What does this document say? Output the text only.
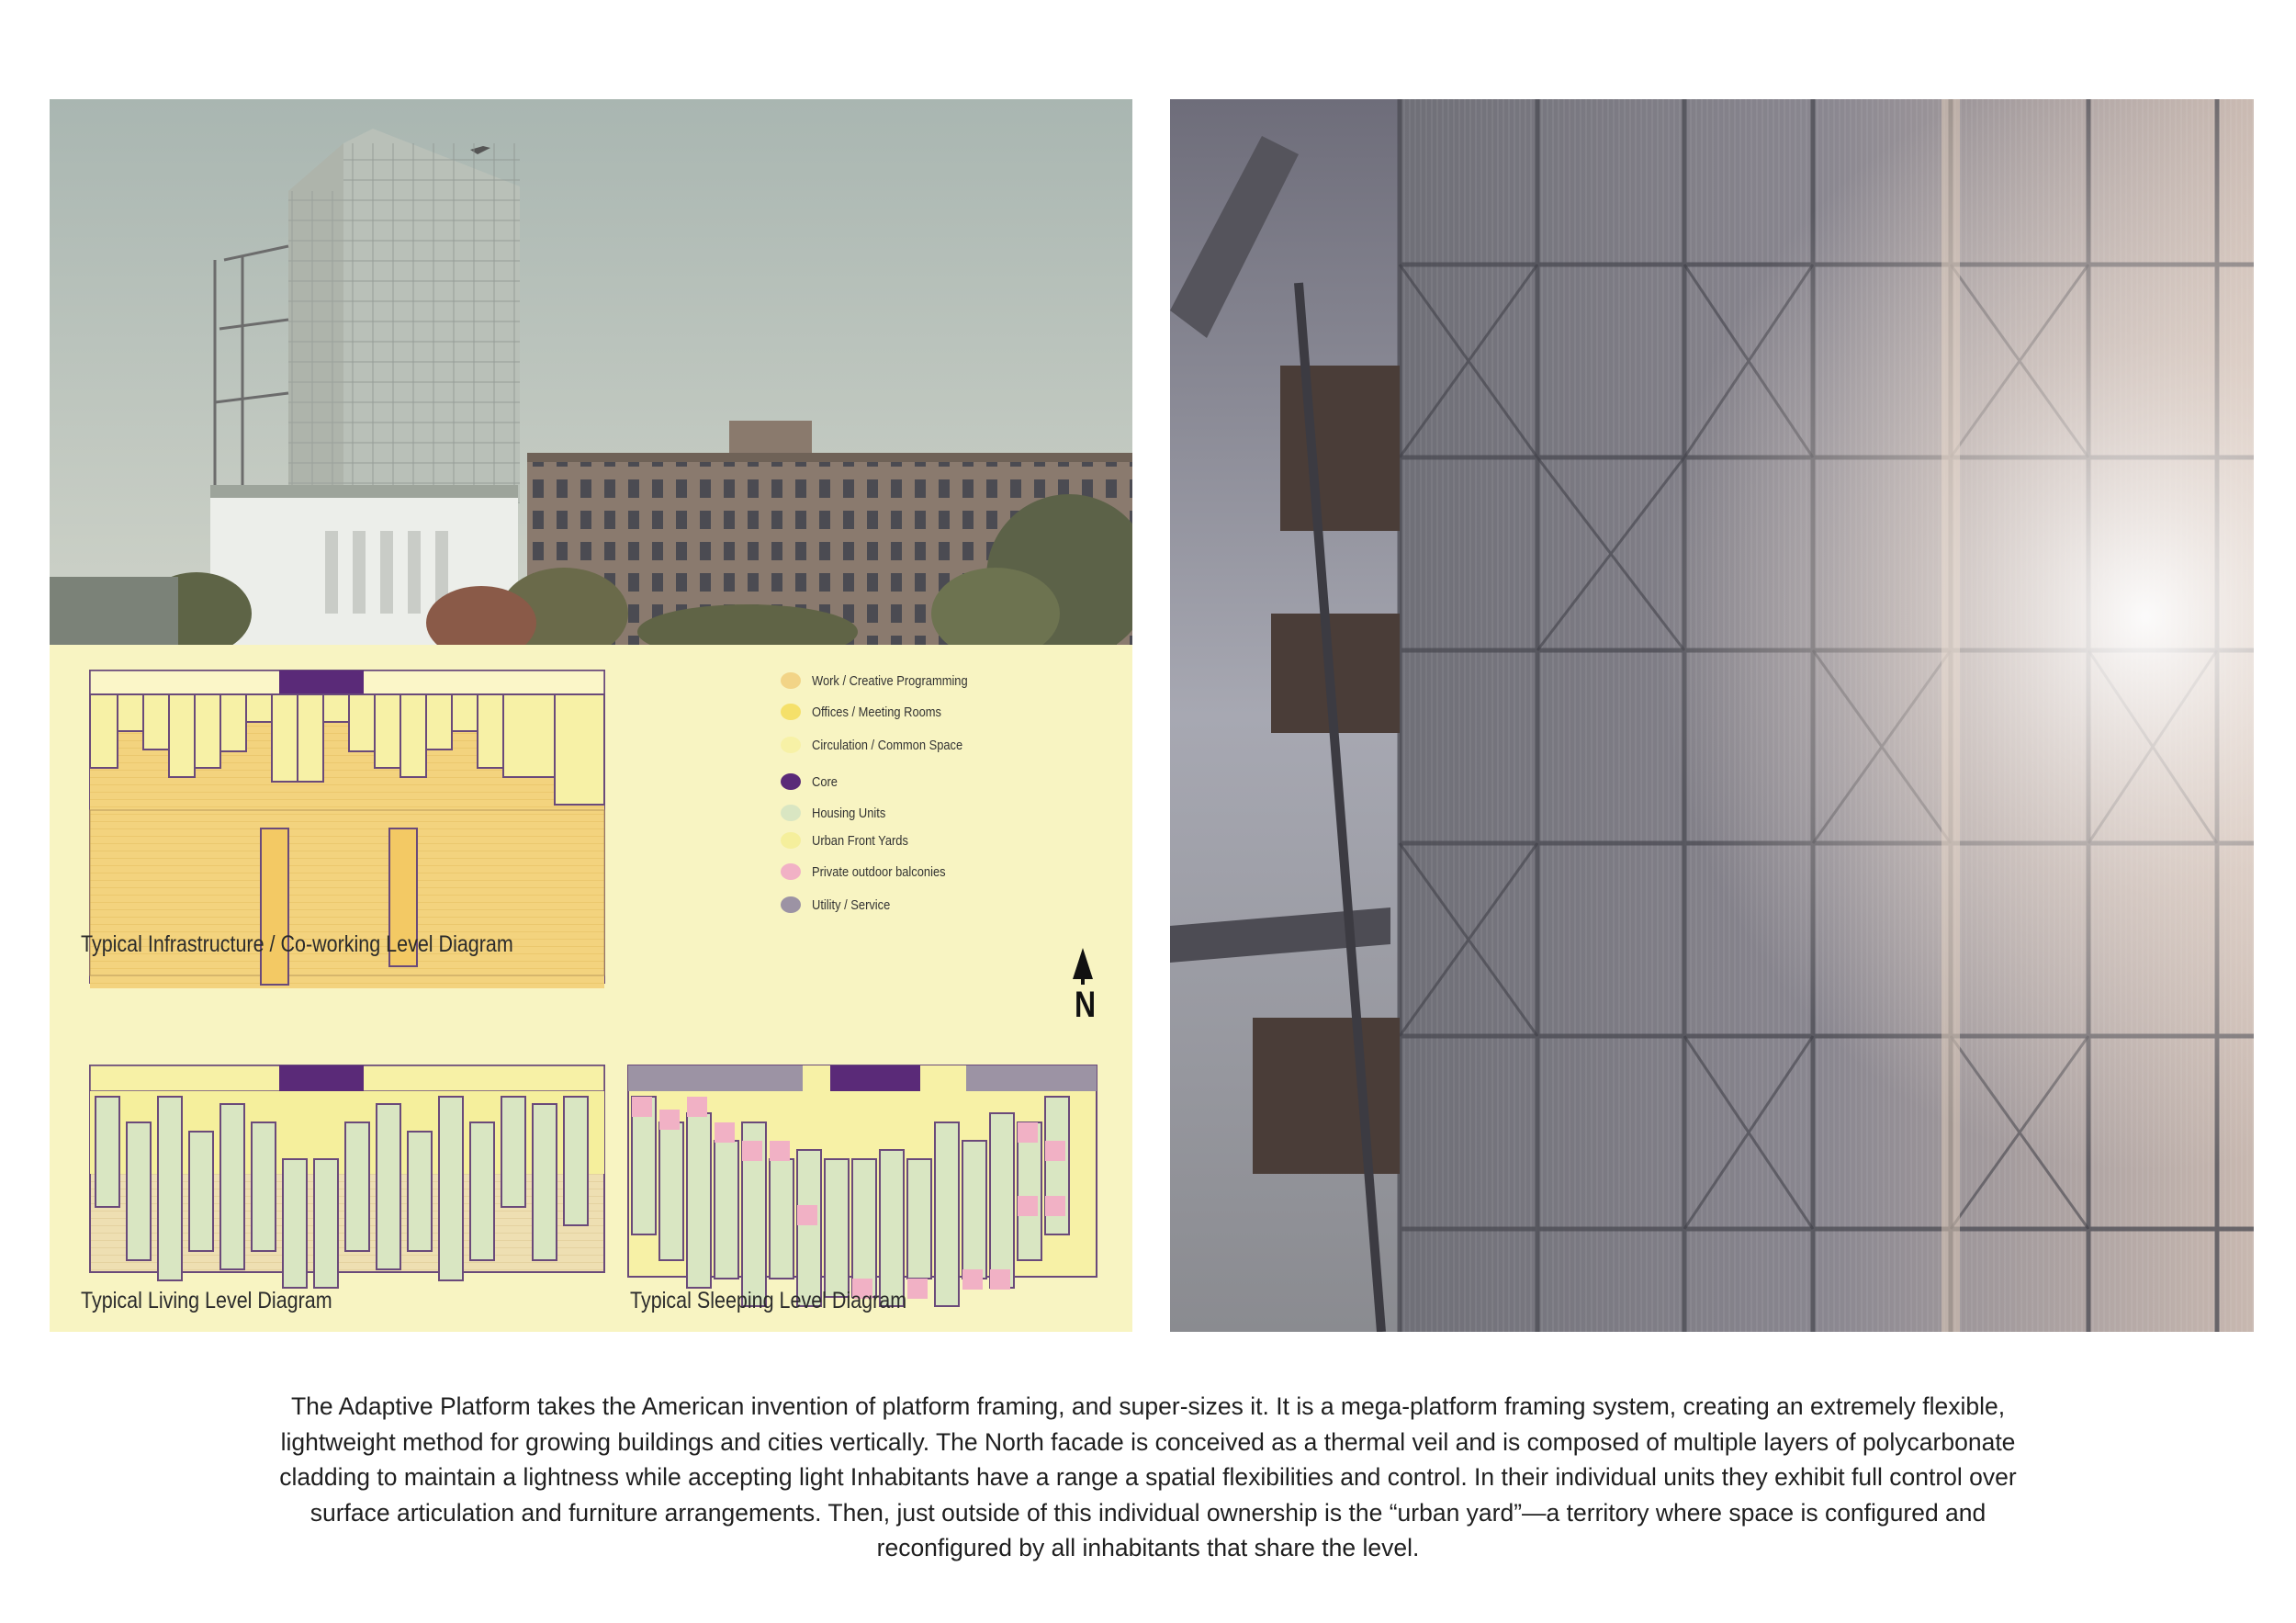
Typical Infrastructure / Co-working Level Diagram
Typical Living Level Diagram	Typical Sleeping Level Diagram
Work / Creative Programming
Offices / Meeting Rooms
Circulation / Common Space
Core
Housing Units
Urban Front Yards
Private outdoor balconies
Utility / Service
N

The Adaptive Platform takes the American invention of platform framing, and super-sizes it. It is a mega-platform framing system, creating an extremely flexible, lightweight method for growing buildings and cities vertically. The North facade is conceived as a thermal veil and is composed of multiple layers of polycarbonate cladding to maintain a lightness while accepting light Inhabitants have a range a spatial flexibilities and control. In their individual units they exhibit full control over surface articulation and furniture arrangements. Then, just outside of this individual ownership is the “urban yard”—a territory where space is configured and reconfigured by all inhabitants that share the level.
